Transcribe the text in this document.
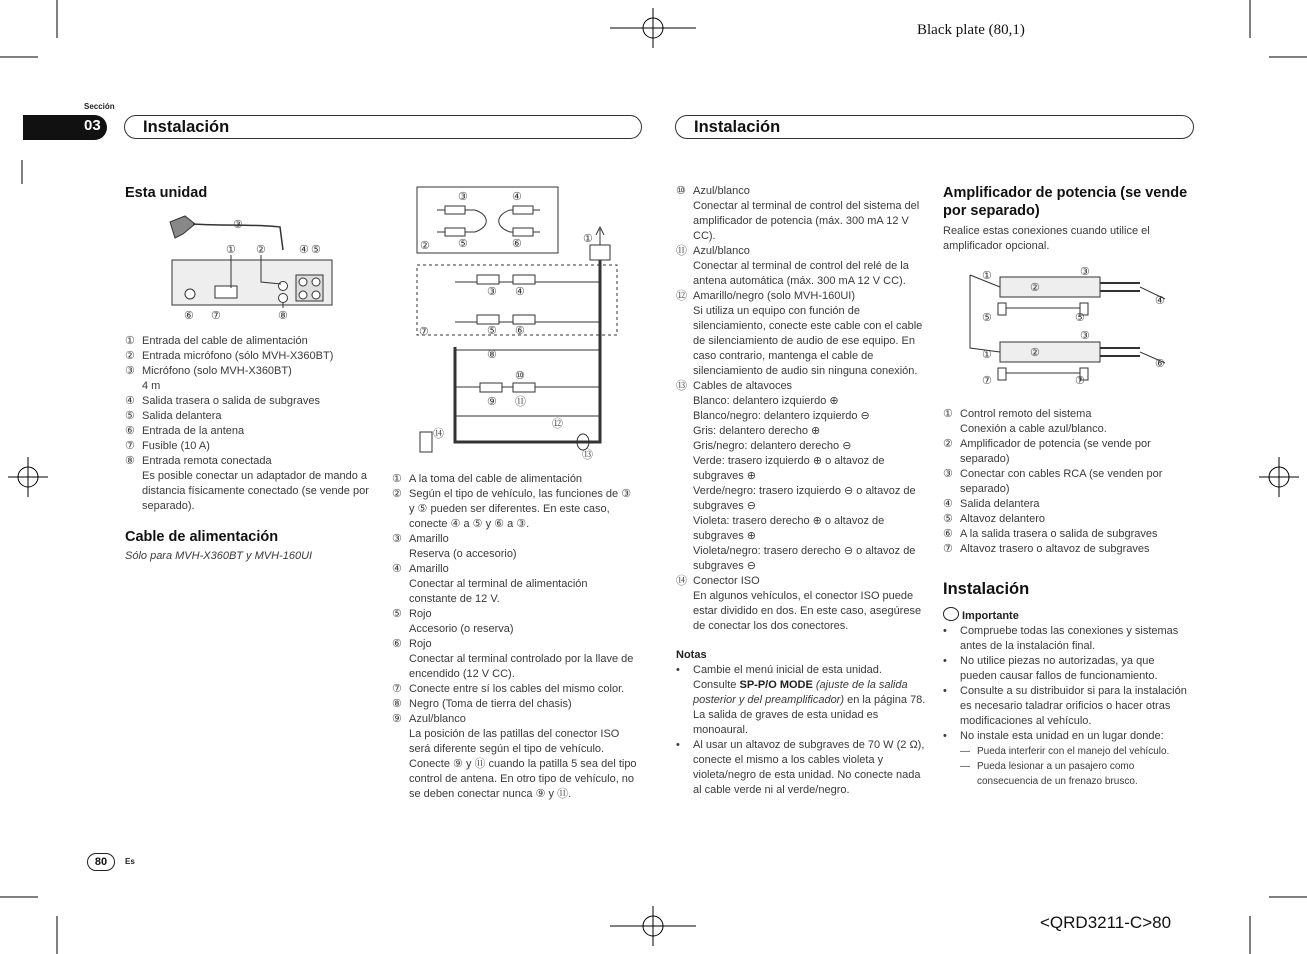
Black plate (80,1)
Sección
03	Instalación	Instalación
Esta unidad
③
① ②	④ ⑤
⑥ ⑦	⑧
① Entrada del cable de alimentación

② Entrada micrófono (sólo MVH-X360BT)

③ Micrófono (solo MVH-X360BT)

4 m

④ Salida trasera o salida de subgraves

⑤ Salida delantera

⑥ Entrada de la antena

⑦ Fusible (10 A)

⑧ Entrada remota conectada

Es posible conectar un adaptador de mando a distancia físicamente conectado (se vende por separado).

Cable de alimentación
Sólo para MVH-X360BT y MVH-160UI
③	④
②	⑤	⑥	①
③ ④
⑤ ⑥
⑦
⑧
⑩
⑨ ⑪
⑫
⑭
⑬
① A la toma del cable de alimentación

② Según el tipo de vehículo, las funciones de ③ y ⑤ pueden ser diferentes. En este caso, conecte ④ a ⑤ y ⑥ a ③.

③ Amarillo

Reserva (o accesorio)

④ Amarillo

Conectar al terminal de alimentación constante de 12 V.

⑤ Rojo

Accesorio (o reserva)

⑥ Rojo

Conectar al terminal controlado por la llave de encendido (12 V CC).

⑦ Conecte entre sí los cables del mismo color.

⑧ Negro (Toma de tierra del chasis)

⑨ Azul/blanco

La posición de las patillas del conector ISO será diferente según el tipo de vehículo. Conecte ⑨ y ⑪ cuando la patilla 5 sea del tipo control de antena. En otro tipo de vehículo, no se deben conectar nunca ⑨ y ⑪.

⑩ Azul/blanco

Conectar al terminal de control del sistema del amplificador de potencia (máx. 300 mA 12 V CC).

⑪ Azul/blanco

Conectar al terminal de control del relé de la antena automática (máx. 300 mA 12 V CC).

⑫ Amarillo/negro (solo MVH-160UI)

Si utiliza un equipo con función de silenciamiento, conecte este cable con el cable de silenciamiento de audio de ese equipo. En caso contrario, mantenga el cable de silenciamiento de audio sin ninguna conexión.

⑬ Cables de altavoces

Blanco: delantero izquierdo ⊕

Blanco/negro: delantero izquierdo ⊖

Gris: delantero derecho ⊕

Gris/negro: delantero derecho ⊖

Verde: trasero izquierdo ⊕ o altavoz de subgraves ⊕

Verde/negro: trasero izquierdo ⊖ o altavoz de subgraves ⊖

Violeta: trasero derecho ⊕ o altavoz de subgraves ⊕

Violeta/negro: trasero derecho ⊖ o altavoz de subgraves ⊖

⑭ Conector ISO

En algunos vehículos, el conector ISO puede estar dividido en dos. En este caso, asegúrese de conectar los dos conectores.

Notas

•	Cambie el menú inicial de esta unidad. Consulte SP-P/O MODE (ajuste de la salida posterior y del preamplificador) en la página 78. La salida de graves de esta unidad es monoaural.
•	Al usar un altavoz de subgraves de 70 W (2 Ω), conecte el mismo a los cables violeta y violeta/negro de esta unidad. No conecte nada al cable verde ni al verde/negro.
Amplificador de potencia (se vende por separado)
Realice estas conexiones cuando utilice el amplificador opcional.
①
②
③
④
⑤	⑤
③
①	②
⑥
⑦	⑦
① Control remoto del sistema

Conexión a cable azul/blanco.

② Amplificador de potencia (se vende por separado)

③ Conectar con cables RCA (se venden por separado)

④ Salida delantera

⑤ Altavoz delantero

⑥ A la salida trasera o salida de subgraves

⑦ Altavoz trasero o altavoz de subgraves

Instalación
Importante
•	Compruebe todas las conexiones y sistemas antes de la instalación final.
•	No utilice piezas no autorizadas, ya que pueden causar fallos de funcionamiento.
•	Consulte a su distribuidor si para la instalación es necesario taladrar orificios o hacer otras modificaciones al vehículo.
•	No instale esta unidad en un lugar donde:
— Pueda interferir con el manejo del vehículo.
— Pueda lesionar a un pasajero como consecuencia de un frenazo brusco.
80	Es
<QRD3211-C>80
